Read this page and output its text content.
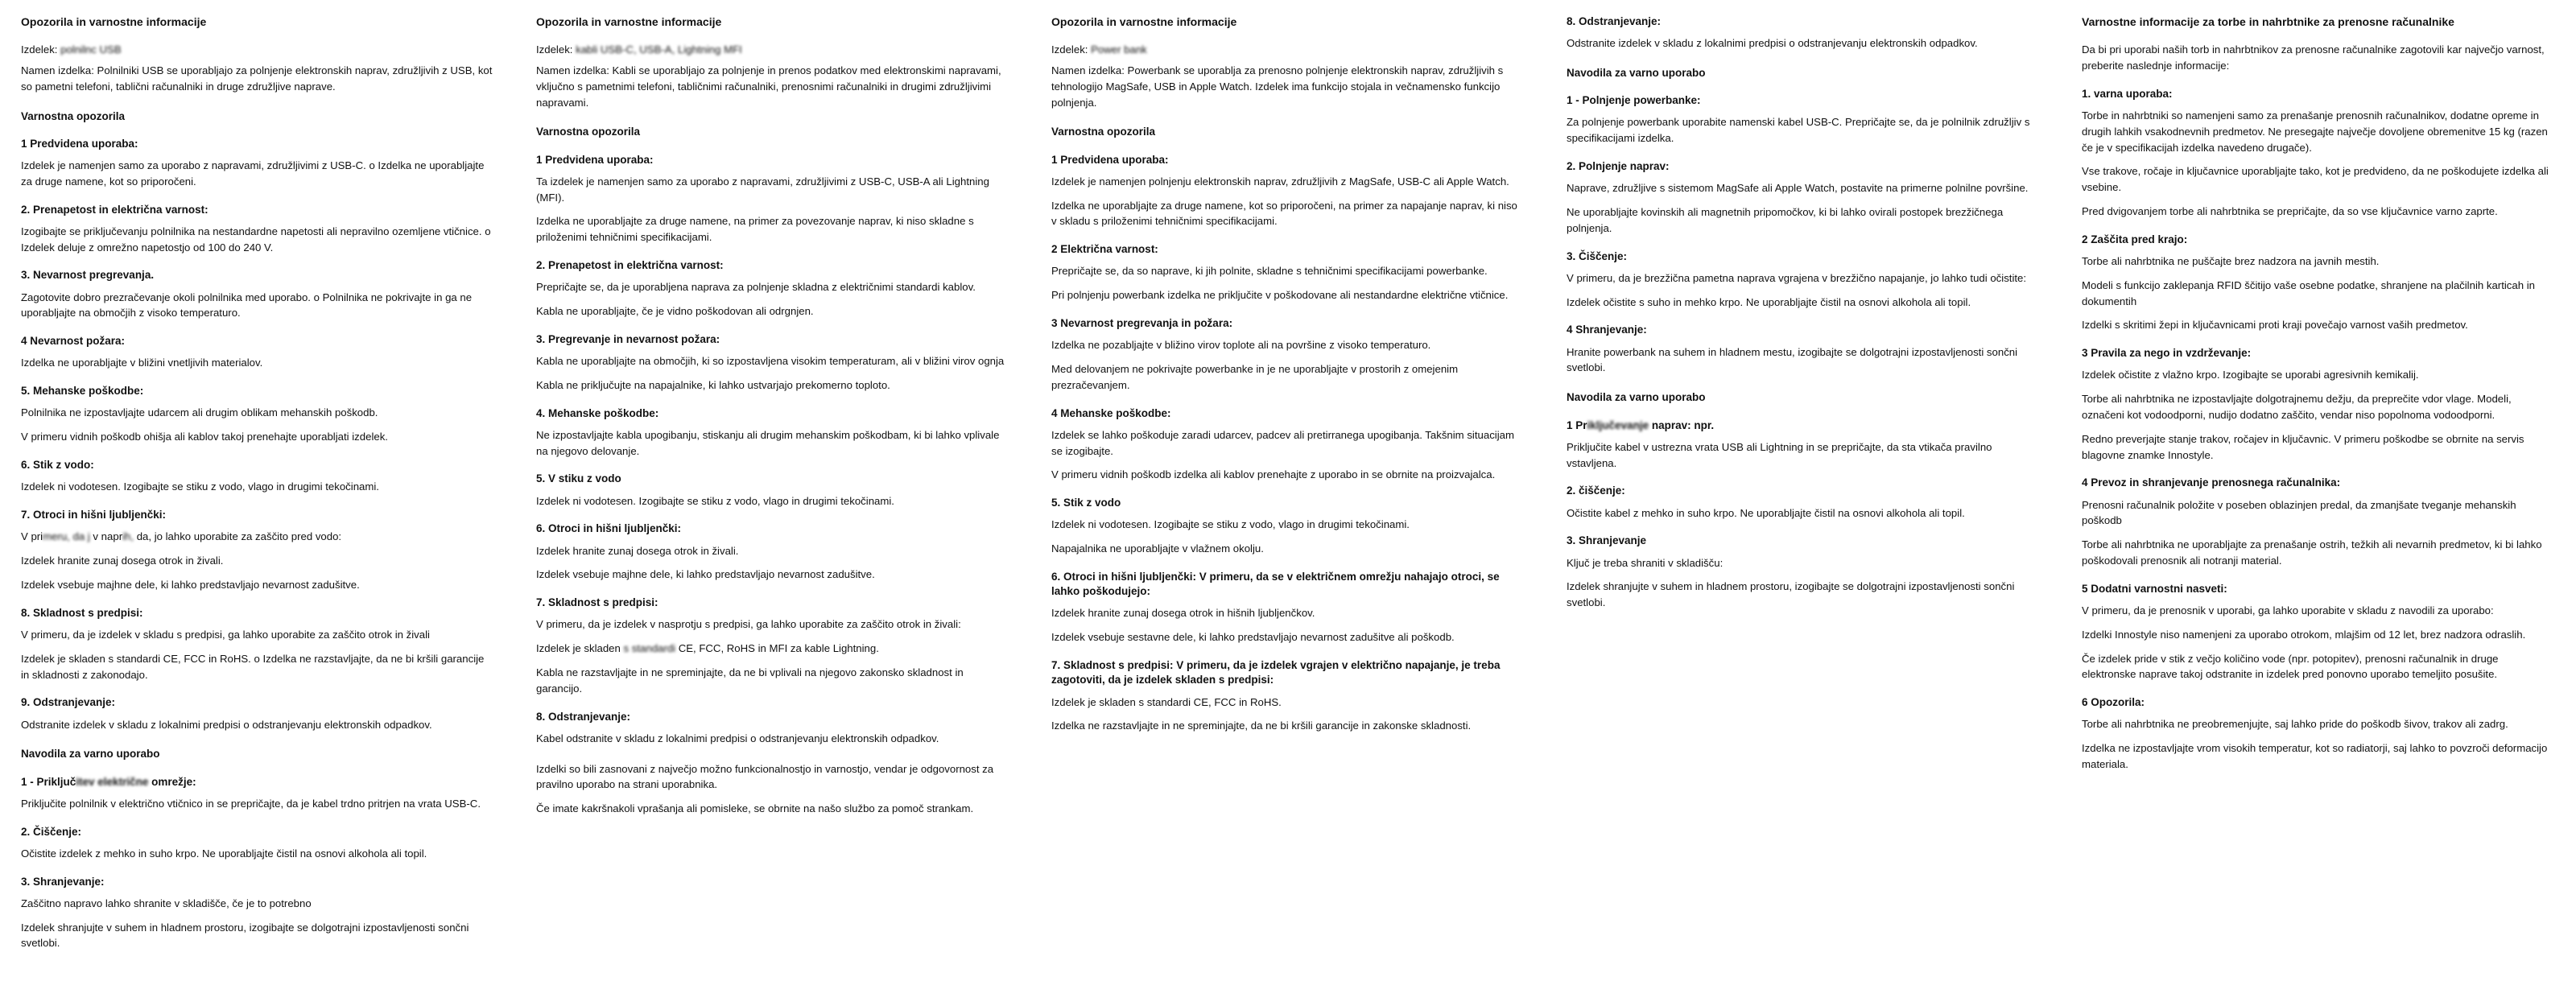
Opozorila in varnostne informacije

Izdelek: polnilnc USB

Namen izdelka: Polnilniki USB se uporabljajo za polnjenje elektronskih naprav, združljivih z USB, kot so pametni telefoni, tablični računalniki in druge združljive naprave.

Varnostna opozorila
1 Predvidena uporaba:

Izdelek je namenjen samo za uporabo z napravami, združljivimi z USB-C. o Izdelka ne uporabljajte za druge namene, kot so priporočeni.

2. Prenapetost in električna varnost:

Izogibajte se priključevanju polnilnika na nestandardne napetosti ali nepravilno ozemljene vtičnice. o Izdelek deluje z omrežno napetostjo od 100 do 240 V.

3. Nevarnost pregrevanja.

Zagotovite dobro prezračevanje okoli polnilnika med uporabo. o Polnilnika ne pokrivajte in ga ne uporabljajte na območjih z visoko temperaturo.

4 Nevarnost požara:

Izdelka ne uporabljajte v bližini vnetljivih materialov.

5. Mehanske poškodbe:

Polnilnika ne izpostavljajte udarcem ali drugim oblikam mehanskih poškodb.

V primeru vidnih poškodb ohišja ali kablov takoj prenehajte uporabljati izdelek.

6. Stik z vodo:

Izdelek ni vodotesen. Izogibajte se stiku z vodo, vlago in drugimi tekočinami.

7. Otroci in hišni ljubljenčki:

V primeru, da j v naprih, da, jo lahko uporabite za zaščito pred vodo:

Izdelek hranite zunaj dosega otrok in živali.

Izdelek vsebuje majhne dele, ki lahko predstavljajo nevarnost zadušitve.

8. Skladnost s predpisi:

V primeru, da je izdelek v skladu s predpisi, ga lahko uporabite za zaščito otrok in živali

Izdelek je skladen s standardi CE, FCC in RoHS. o Izdelka ne razstavljajte, da ne bi kršili garancije in skladnosti z zakonodajo.

9. Odstranjevanje:

Odstranite izdelek v skladu z lokalnimi predpisi o odstranjevanju elektronskih odpadkov.

Navodila za varno uporabo
1 - Priključitev električne omrežje:

Priključite polnilnik v električno vtičnico in se prepričajte, da je kabel trdno pritrjen na vrata USB-C.

2. Čiščenje:

Očistite izdelek z mehko in suho krpo. Ne uporabljajte čistil na osnovi alkohola ali topil.

3. Shranjevanje:

Zaščitno napravo lahko shranite v skladišče, če je to potrebno

Izdelek shranjujte v suhem in hladnem prostoru, izogibajte se dolgotrajni izpostavljenosti sončni svetlobi.

Opozorila in varnostne informacije

Izdelek: kabli USB-C, USB-A, Lightning MFI

Namen izdelka: Kabli se uporabljajo za polnjenje in prenos podatkov med elektronskimi napravami, vključno s pametnimi telefoni, tabličnimi računalniki, prenosnimi računalniki in drugimi združljivimi napravami.

Varnostna opozorila
1 Predvidena uporaba:

Ta izdelek je namenjen samo za uporabo z napravami, združljivimi z USB-C, USB-A ali Lightning (MFI).

Izdelka ne uporabljajte za druge namene, na primer za povezovanje naprav, ki niso skladne s priloženimi tehničnimi specifikacijami.

2. Prenapetost in električna varnost:

Prepričajte se, da je uporabljena naprava za polnjenje skladna z električnimi standardi kablov.

Kabla ne uporabljajte, če je vidno poškodovan ali odrgnjen.

3. Pregrevanje in nevarnost požara:

Kabla ne uporabljajte na območjih, ki so izpostavljena visokim temperaturam, ali v bližini virov ognja

Kabla ne priključujte na napajalnike, ki lahko ustvarjajo prekomerno toploto.

4. Mehanske poškodbe:

Ne izpostavljajte kabla upogibanju, stiskanju ali drugim mehanskim poškodbam, ki bi lahko vplivale na njegovo delovanje.

5. V stiku z vodo

Izdelek ni vodotesen. Izogibajte se stiku z vodo, vlago in drugimi tekočinami.

6. Otroci in hišni ljubljenčki:

Izdelek hranite zunaj dosega otrok in živali.

Izdelek vsebuje majhne dele, ki lahko predstavljajo nevarnost zadušitve.

7. Skladnost s predpisi:

V primeru, da je izdelek v nasprotju s predpisi, ga lahko uporabite za zaščito otrok in živali:

Izdelek je skladen s standardi CE, FCC, RoHS in MFI za kable Lightning.

Kabla ne razstavljajte in ne spreminjajte, da ne bi vplivali na njegovo zakonsko skladnost in garancijo.

8. Odstranjevanje:

Kabel odstranite v skladu z lokalnimi predpisi o odstranjevanju elektronskih odpadkov.

Izdelki so bili zasnovani z največjo možno funkcionalnostjo in varnostjo, vendar je odgovornost za pravilno uporabo na strani uporabnika.

Če imate kakršnakoli vprašanja ali pomisleke, se obrnite na našo službo za pomoč strankam.

Opozorila in varnostne informacije

Izdelek: Power bank

Namen izdelka: Powerbank se uporablja za prenosno polnjenje elektronskih naprav, združljivih s tehnologijo MagSafe, USB in Apple Watch. Izdelek ima funkcijo stojala in večnamensko funkcijo polnjenja.

Varnostna opozorila
1 Predvidena uporaba:

Izdelek je namenjen polnjenju elektronskih naprav, združljivih z MagSafe, USB-C ali Apple Watch.

Izdelka ne uporabljajte za druge namene, kot so priporočeni, na primer za napajanje naprav, ki niso v skladu s priloženimi tehničnimi specifikacijami.

2 Električna varnost:

Prepričajte se, da so naprave, ki jih polnite, skladne s tehničnimi specifikacijami powerbanke.

Pri polnjenju powerbank izdelka ne priključite v poškodovane ali nestandardne električne vtičnice.

3 Nevarnost pregrevanja in požara:

Izdelka ne pozabljajte v bližino virov toplote ali na površine z visoko temperaturo.

Med delovanjem ne pokrivajte powerbanke in je ne uporabljajte v prostorih z omejenim prezračevanjem.

4 Mehanske poškodbe:

Izdelek se lahko poškoduje zaradi udarcev, padcev ali pretirranega upogibanja. Takšnim situacijam se izogibajte.

V primeru vidnih poškodb izdelka ali kablov prenehajte z uporabo in se obrnite na proizvajalca.

5. Stik z vodo

Izdelek ni vodotesen. Izogibajte se stiku z vodo, vlago in drugimi tekočinami.

Napajalnika ne uporabljajte v vlažnem okolju.

6. Otroci in hišni ljubljenčki: V primeru, da se v električnem omrežju nahajajo otroci, se lahko poškodujejo:

Izdelek hranite zunaj dosega otrok in hišnih ljubljenčkov.

Izdelek vsebuje sestavne dele, ki lahko predstavljajo nevarnost zadušitve ali poškodb.

7. Skladnost s predpisi: V primeru, da je izdelek vgrajen v električno napajanje, je treba zagotoviti, da je izdelek skladen s predpisi:

Izdelek je skladen s standardi CE, FCC in RoHS.

Izdelka ne razstavljajte in ne spreminjajte, da ne bi kršili garancije in zakonske skladnosti.

8. Odstranjevanje:

Odstranite izdelek v skladu z lokalnimi predpisi o odstranjevanju elektronskih odpadkov.

Navodila za varno uporabo
1 - Polnjenje powerbanke:

Za polnjenje powerbank uporabite namenski kabel USB-C. Prepričajte se, da je polnilnik združljiv s specifikacijami izdelka.

2. Polnjenje naprav:

Naprave, združljive s sistemom MagSafe ali Apple Watch, postavite na primerne polnilne površine.

Ne uporabljajte kovinskih ali magnetnih pripomočkov, ki bi lahko ovirali postopek brezžičnega polnjenja.

3. Čiščenje:

V primeru, da je brezžična pametna naprava vgrajena v brezžično napajanje, jo lahko tudi očistite:

Izdelek očistite s suho in mehko krpo. Ne uporabljajte čistil na osnovi alkohola ali topil.

4 Shranjevanje:

Hranite powerbank na suhem in hladnem mestu, izogibajte se dolgotrajni izpostavljenosti sončni svetlobi.

Navodila za varno uporabo
1 Priključevanje naprav: npr.

Priključite kabel v ustrezna vrata USB ali Lightning in se prepričajte, da sta vtikača pravilno vstavljena.

2. čiščenje:

Očistite kabel z mehko in suho krpo. Ne uporabljajte čistil na osnovi alkohola ali topil.

3. Shranjevanje

Ključ je treba shraniti v skladišču:

Izdelek shranjujte v suhem in hladnem prostoru, izogibajte se dolgotrajni izpostavljenosti sončni svetlobi.

Varnostne informacije za torbe in nahrbtnike za prenosne računalnike

Da bi pri uporabi naših torb in nahrbtnikov za prenosne računalnike zagotovili kar največjo varnost, preberite naslednje informacije:

1. varna uporaba:

Torbe in nahrbtniki so namenjeni samo za prenašanje prenosnih računalnikov, dodatne opreme in drugih lahkih vsakodnevnih predmetov. Ne presegajte največje dovoljene obremenitve 15 kg (razen če je v specifikacijah izdelka navedeno drugače).

Vse trakove, ročaje in ključavnice uporabljajte tako, kot je predvideno, da ne poškodujete izdelka ali vsebine.

Pred dvigovanjem torbe ali nahrbtnika se prepričajte, da so vse ključavnice varno zaprte.

2 Zaščita pred krajo:

Torbe ali nahrbtnika ne puščajte brez nadzora na javnih mestih.

Modeli s funkcijo zaklepanja RFID ščitijo vaše osebne podatke, shranjene na plačilnih karticah in dokumentih

Izdelki s skritimi žepi in ključavnicami proti kraji povečajo varnost vaših predmetov.

3 Pravila za nego in vzdrževanje:

Izdelek očistite z vlažno krpo. Izogibajte se uporabi agresivnih kemikalij.

Torbe ali nahrbtnika ne izpostavljajte dolgotrajnemu dežju, da preprečite vdor vlage. Modeli, označeni kot vodoodporni, nudijo dodatno zaščito, vendar niso popolnoma vodoodporni.

Redno preverjajte stanje trakov, ročajev in ključavnic. V primeru poškodbe se obrnite na servis blagovne znamke Innostyle.

4 Prevoz in shranjevanje prenosnega računalnika:

Prenosni računalnik položite v poseben oblazinjen predal, da zmanjšate tveganje mehanskih poškodb

Torbe ali nahrbtnika ne uporabljajte za prenašanje ostrih, težkih ali nevarnih predmetov, ki bi lahko poškodovali prenosnik ali notranji material.

5 Dodatni varnostni nasveti:

V primeru, da je prenosnik v uporabi, ga lahko uporabite v skladu z navodili za uporabo:

Izdelki Innostyle niso namenjeni za uporabo otrokom, mlajšim od 12 let, brez nadzora odraslih.

Če izdelek pride v stik z večjo količino vode (npr. potopitev), prenosni računalnik in druge elektronske naprave takoj odstranite in izdelek pred ponovno uporabo temeljito posušite.

6 Opozorila:

Torbe ali nahrbtnika ne preobremenjujte, saj lahko pride do poškodb šivov, trakov ali zadrg.

Izdelka ne izpostavljajte vrom visokih temperatur, kot so radiatorji, saj lahko to povzroči deformacijo materiala.
